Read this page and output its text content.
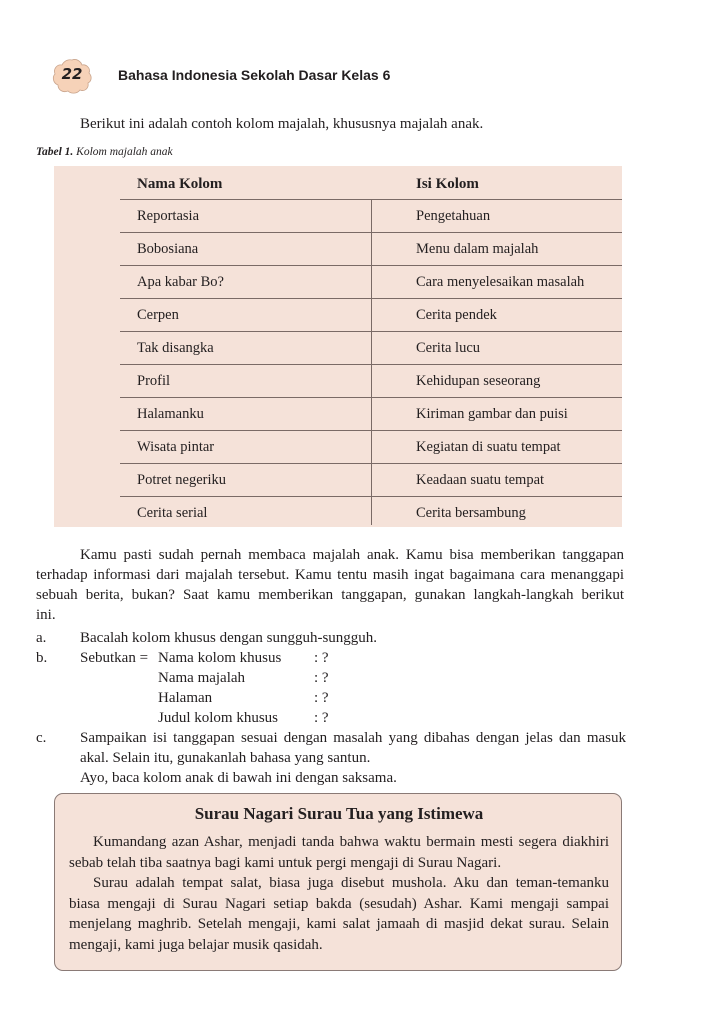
22	Bahasa Indonesia Sekolah Dasar Kelas 6
Berikut ini adalah contoh kolom majalah, khususnya majalah anak.
Tabel 1. Kolom majalah anak
Nama Kolom	Isi Kolom
Reportasia	Pengetahuan
Bobosiana	Menu dalam majalah
Apa kabar Bo?	Cara menyelesaikan masalah
Cerpen	Cerita pendek
Tak disangka	Cerita lucu
Profil	Kehidupan seseorang
Halamanku	Kiriman gambar dan puisi
Wisata pintar	Kegiatan di suatu tempat
Potret negeriku	Keadaan suatu tempat
Cerita serial	Cerita bersambung
Kamu pasti sudah pernah membaca majalah anak. Kamu bisa memberikan tanggapan
terhadap informasi dari majalah tersebut. Kamu tentu masih ingat bagaimana cara menanggapi
sebuah berita, bukan? Saat kamu memberikan tanggapan, gunakan langkah-langkah berikut
ini.
a. Bacalah kolom khusus dengan sungguh-sungguh.
b. Sebutkan = Nama kolom khusus : ?
Nama majalah	: ?
Halaman	: ?
Judul kolom khusus : ?
c. Sampaikan isi tanggapan sesuai dengan masalah yang dibahas dengan jelas dan masuk
akal. Selain itu, gunakanlah bahasa yang santun.
Ayo, baca kolom anak di bawah ini dengan saksama.
Surau Nagari Surau Tua yang Istimewa
Kumandang azan Ashar, menjadi tanda bahwa waktu bermain mesti segera diakhiri
sebab telah tiba saatnya bagi kami untuk pergi mengaji di Surau Nagari.
Surau adalah tempat salat, biasa juga disebut mushola. Aku dan teman-temanku
biasa mengaji di Surau Nagari setiap bakda (sesudah) Ashar. Kami mengaji sampai
menjelang maghrib. Setelah mengaji, kami salat jamaah di masjid dekat surau. Selain
mengaji, kami juga belajar musik qasidah.
